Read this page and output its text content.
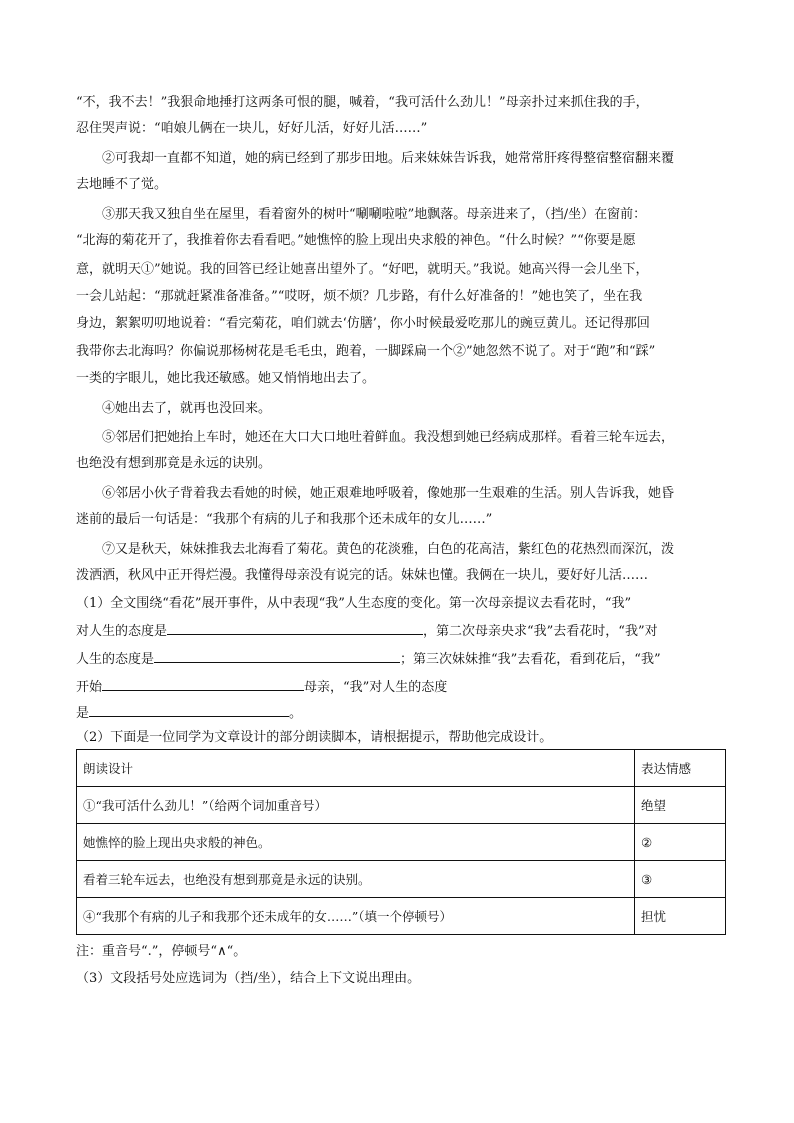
“不，我不去！”我狠命地捶打这两条可恨的腿，喊着，“我可活什么劲儿！”母亲扑过来抓住我的手，

忍住哭声说：“咱娘儿俩在一块儿，好好儿活，好好儿活……”

②可我却一直都不知道，她的病已经到了那步田地。后来妹妹告诉我，她常常肝疼得整宿整宿翻来覆

去地睡不了觉。

③那天我又独自坐在屋里，看着窗外的树叶“唰唰啦啦”地飘落。母亲进来了，（挡/坐）在窗前：

“北海的菊花开了，我推着你去看看吧。”她憔悴的脸上现出央求般的神色。“什么时候？”“你要是愿

意，就明天①”她说。我的回答已经让她喜出望外了。“好吧，就明天。”我说。她高兴得一会儿坐下，

一会儿站起：“那就赶紧准备准备。”“哎呀，烦不烦？几步路，有什么好准备的！”她也笑了，坐在我

身边，絮絮叨叨地说着：“看完菊花，咱们就去‘仿膳’，你小时候最爱吃那儿的豌豆黄儿。还记得那回

我带你去北海吗？你偏说那杨树花是毛毛虫，跑着，一脚踩扁一个②”她忽然不说了。对于“跑”和“踩”

一类的字眼儿，她比我还敏感。她又悄悄地出去了。

④她出去了，就再也没回来。

⑤邻居们把她抬上车时，她还在大口大口地吐着鲜血。我没想到她已经病成那样。看着三轮车远去，

也绝没有想到那竟是永远的诀别。

⑥邻居小伙子背着我去看她的时候，她正艰难地呼吸着，像她那一生艰难的生活。别人告诉我，她昏

迷前的最后一句话是：“我那个有病的儿子和我那个还未成年的女儿……”

⑦又是秋天，妹妹推我去北海看了菊花。黄色的花淡雅，白色的花高洁，紫红色的花热烈而深沉，泼

泼洒洒，秋风中正开得烂漫。我懂得母亲没有说完的话。妹妹也懂。我俩在一块儿，要好好儿活……

（1）全文围绕“看花”展开事件，从中表现“我”人生态度的变化。第一次母亲提议去看花时，“我”

对人生的态度是	，第二次母亲央求“我”去看花时，“我”对

人生的态度是	；第三次妹妹推“我”去看花，看到花后，“我”

开始	母亲，“我”对人生的态度

是	。

（2）下面是一位同学为文章设计的部分朗读脚本，请根据提示，帮助他完成设计。

朗读设计	表达情感
①“我可活什么劲儿！”（给两个词加重音号）	绝望
她憔悴的脸上现出央求般的神色。	②
看着三轮车远去，也绝没有想到那竟是永远的诀别。	③
④“我那个有病的儿子和我那个还未成年的女……”（填一个停顿号）	担忧

注：重音号“.”，停顿号“∧“。

（3）文段括号处应选词为（挡/坐），结合上下文说出理由。
